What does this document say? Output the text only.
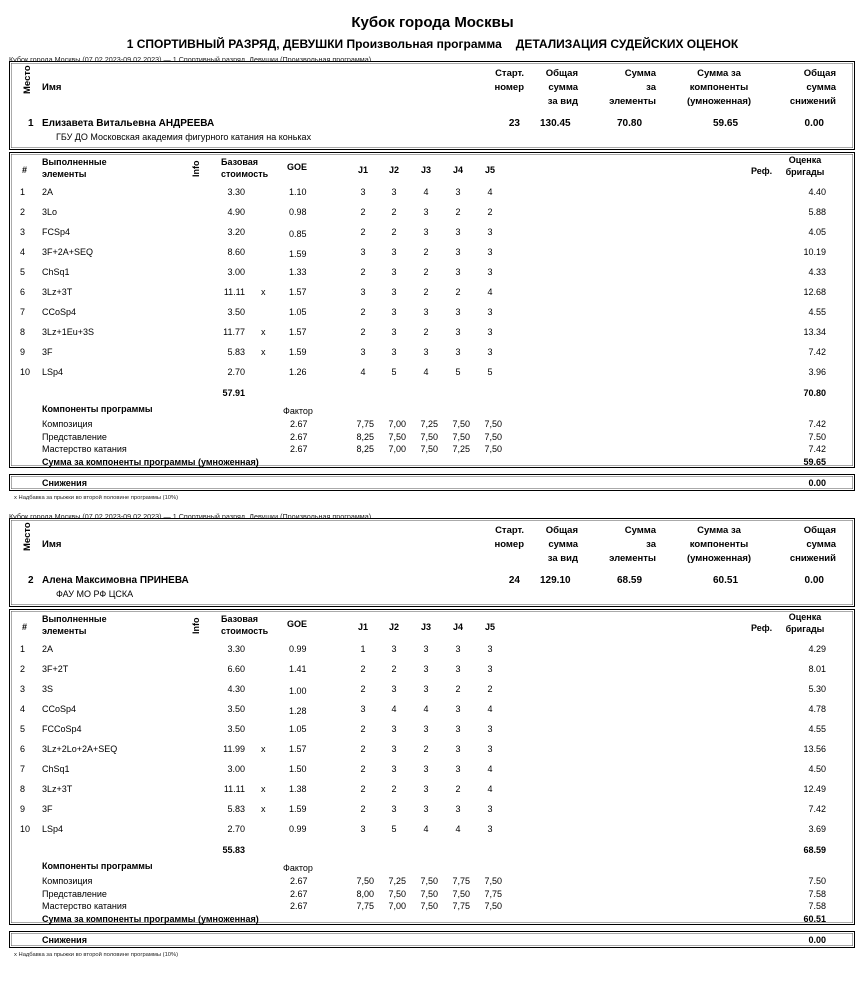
Кубок города Москвы
1 СПОРТИВНЫЙ РАЗРЯД, ДЕВУШКИ Произвольная программа ДЕТАЛИЗАЦИЯ СУДЕЙСКИХ ОЦЕНОК
Кубок города Москвы (07.02.2023-09.02.2023) — 1 Спортивный разряд, Девушки (Произвольная программа)
Место Имя
Старт.
номер
Общая
сумма
за вид
Сумма
за
элементы
Сумма за
компоненты
(умноженная)
Общая
сумма
снижений
1 Елизавета Витальевна АНДРЕЕВА
ГБУ ДО Московская академия фигурного катания на коньках
23 130.45	70.80	59.65	0.00
#
Выполненные
элементы	Info Базовая
стоимость
GOE	J1	J2	J3	J4	J5	Реф.
Оценка
бригады
1	2A	3.30	1.10	3	3	4	3	4	4.40
2	3Lo	4.90	0.98	2	2	3	2	2	5.88
3	FCSp4	3.20	0.85	2	2	3	3	3	4.05
4	3F+2A+SEQ	8.60	1.59	3	3	2	3	3	10.19
5	ChSq1	3.00	1.33	2	3	2	3	3	4.33
6	3Lz+3T	11.11 x	1.57	3	3	2	2	4	12.68
7	CCoSp4	3.50	1.05	2	3	3	3	3	4.55
8	3Lz+1Eu+3S	11.77 x	1.57	2	3	2	3	3	13.34
9	3F	5.83 x	1.59	3	3	3	3	3	7.42
10 LSp4	2.70	1.26	4	5	4	5	5	3.96
57.91	70.80
Компоненты программы	Фактор
Композиция	2.67	7,75	7,00	7,25	7,50	7,50	7.42
Представление	2.67	8,25	7,50	7,50	7,50	7,50	7.50
Мастерство катания	2.67	8,25	7,00	7,50	7,25	7,50	7.42
Сумма за компоненты программы (умноженная)	59.65
Снижения	0.00
x Надбавка за прыжки во второй половине программы (10%)
Кубок города Москвы (07.02.2023-09.02.2023) — 1 Спортивный разряд, Девушки (Произвольная программа)
Место Имя
Старт.
номер
Общая
сумма
за вид
Сумма
за
элементы
Сумма за
компоненты
(умноженная)
Общая
сумма
снижений
2 Алена Максимовна ПРИНЕВА
ФАУ МО РФ ЦСКА
24 129.10	68.59	60.51	0.00
#
Выполненные
элементы	Info Базовая
стоимость
GOE	J1	J2	J3	J4	J5	Реф.
Оценка
бригады
1	2A	3.30	0.99	1	3	3	3	3	4.29
2	3F+2T	6.60	1.41	2	2	3	3	3	8.01
3	3S	4.30	1.00	2	3	3	2	2	5.30
4	CCoSp4	3.50	1.28	3	4	4	3	4	4.78
5	FCCoSp4	3.50	1.05	2	3	3	3	3	4.55
6	3Lz+2Lo+2A+SEQ	11.99 x	1.57	2	3	2	3	3	13.56
7	ChSq1	3.00	1.50	2	3	3	3	4	4.50
8	3Lz+3T	11.11 x	1.38	2	2	3	2	4	12.49
9	3F	5.83 x	1.59	2	3	3	3	3	7.42
10 LSp4	2.70	0.99	3	5	4	4	3	3.69
55.83	68.59
Компоненты программы	Фактор
Композиция	2.67	7,50	7,25	7,50	7,75	7,50	7.50
Представление	2.67	8,00	7,50	7,50	7,50	7,75	7.58
Мастерство катания	2.67	7,75	7,00	7,50	7,75	7,50	7.58
Сумма за компоненты программы (умноженная)	60.51
Снижения	0.00
x Надбавка за прыжки во второй половине программы (10%)
